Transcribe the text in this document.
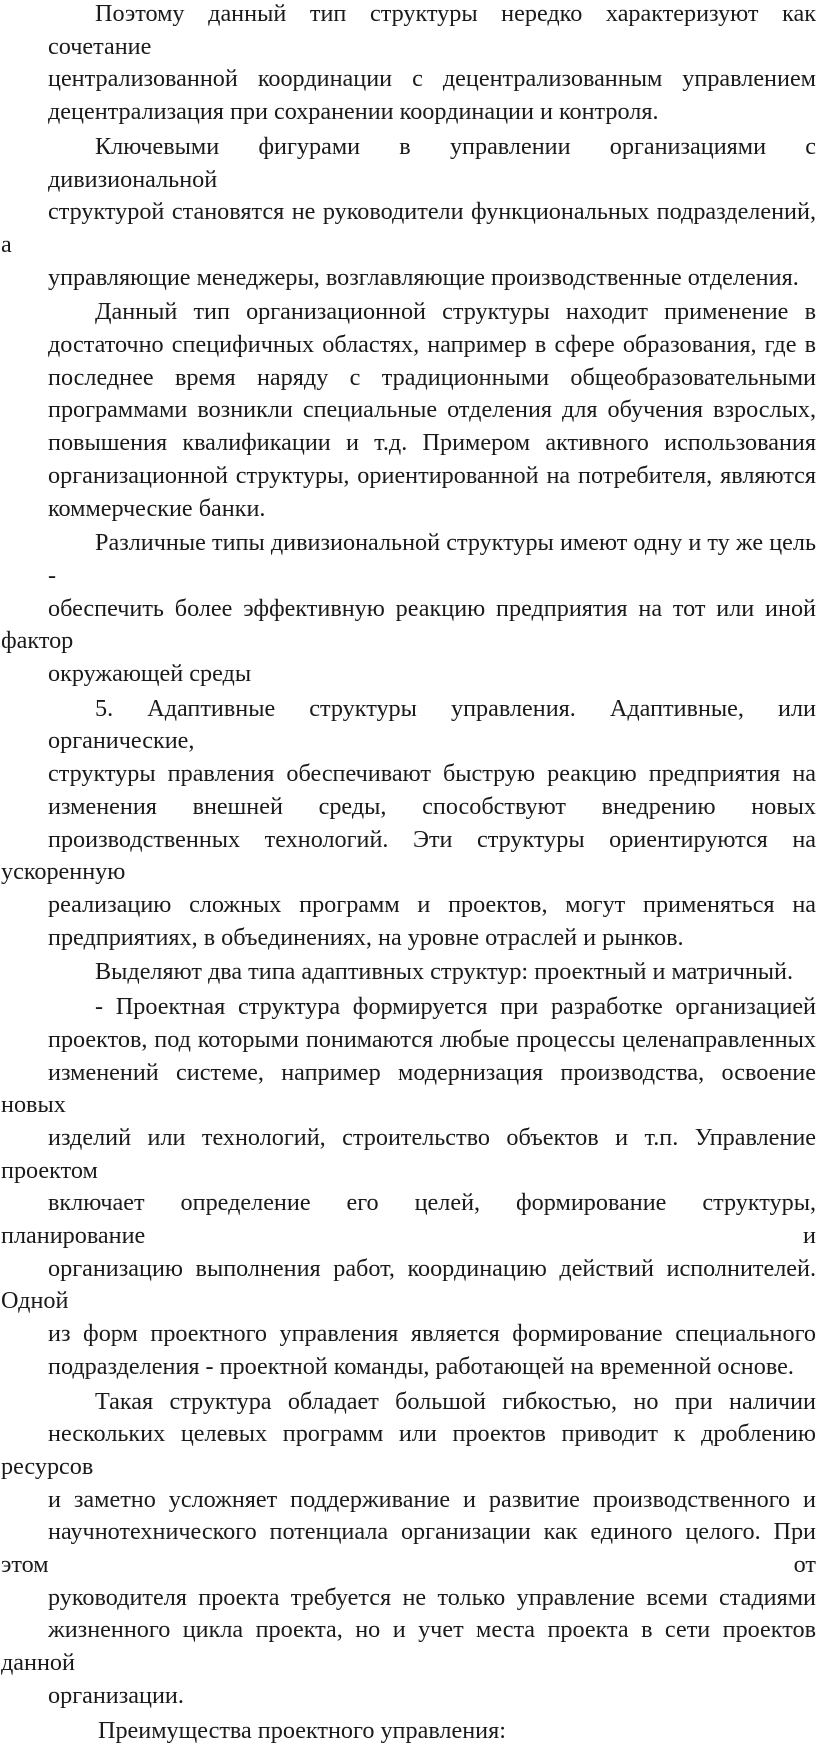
Поэтому данный тип структуры нередко характеризуют как сочетание
централизованной координации с децентрализованным управлением
децентрализация при сохранении координации и контроля.
Ключевыми фигурами в управлении организациями с дивизиональной
структурой становятся не руководители функциональных подразделений, а
управляющие менеджеры, возглавляющие производственные отделения.
Данный тип организационной структуры находит применение в
достаточно специфичных областях, например в сфере образования, где в
последнее время наряду с традиционными общеобразовательными
программами возникли специальные отделения для обучения взрослых,
повышения квалификации и т.д. Примером активного использования
организационной структуры, ориентированной на потребителя, являются
коммерческие банки.
Различные типы дивизиональной структуры имеют одну и ту же цель -
обеспечить более эффективную реакцию предприятия на тот или иной фактор
окружающей среды
5. Адаптивные структуры управления. Адаптивные, или органические,
структуры правления обеспечивают быструю реакцию предприятия на
изменения внешней среды, способствуют внедрению новых
производственных технологий. Эти структуры ориентируются на ускоренную
реализацию сложных программ и проектов, могут применяться на
предприятиях, в объединениях, на уровне отраслей и рынков.
Выделяют два типа адаптивных структур: проектный и матричный.
- Проектная структура формируется при разработке организацией
проектов, под которыми понимаются любые процессы целенаправленных
изменений системе, например модернизация производства, освоение новых
изделий или технологий, строительство объектов и т.п. Управление проектом
включает определение его целей, формирование структуры, планирование и
организацию выполнения работ, координацию действий исполнителей. Одной
из форм проектного управления является формирование специального
подразделения - проектной команды, работающей на временной основе.
Такая структура обладает большой гибкостью, но при наличии
нескольких целевых программ или проектов приводит к дроблению ресурсов
и заметно усложняет поддерживание и развитие производственного и
научнотехнического потенциала организации как единого целого. При этом от
руководителя проекта требуется не только управление всеми стадиями
жизненного цикла проекта, но и учет места проекта в сети проектов данной
организации.
Преимущества проектного управления:
